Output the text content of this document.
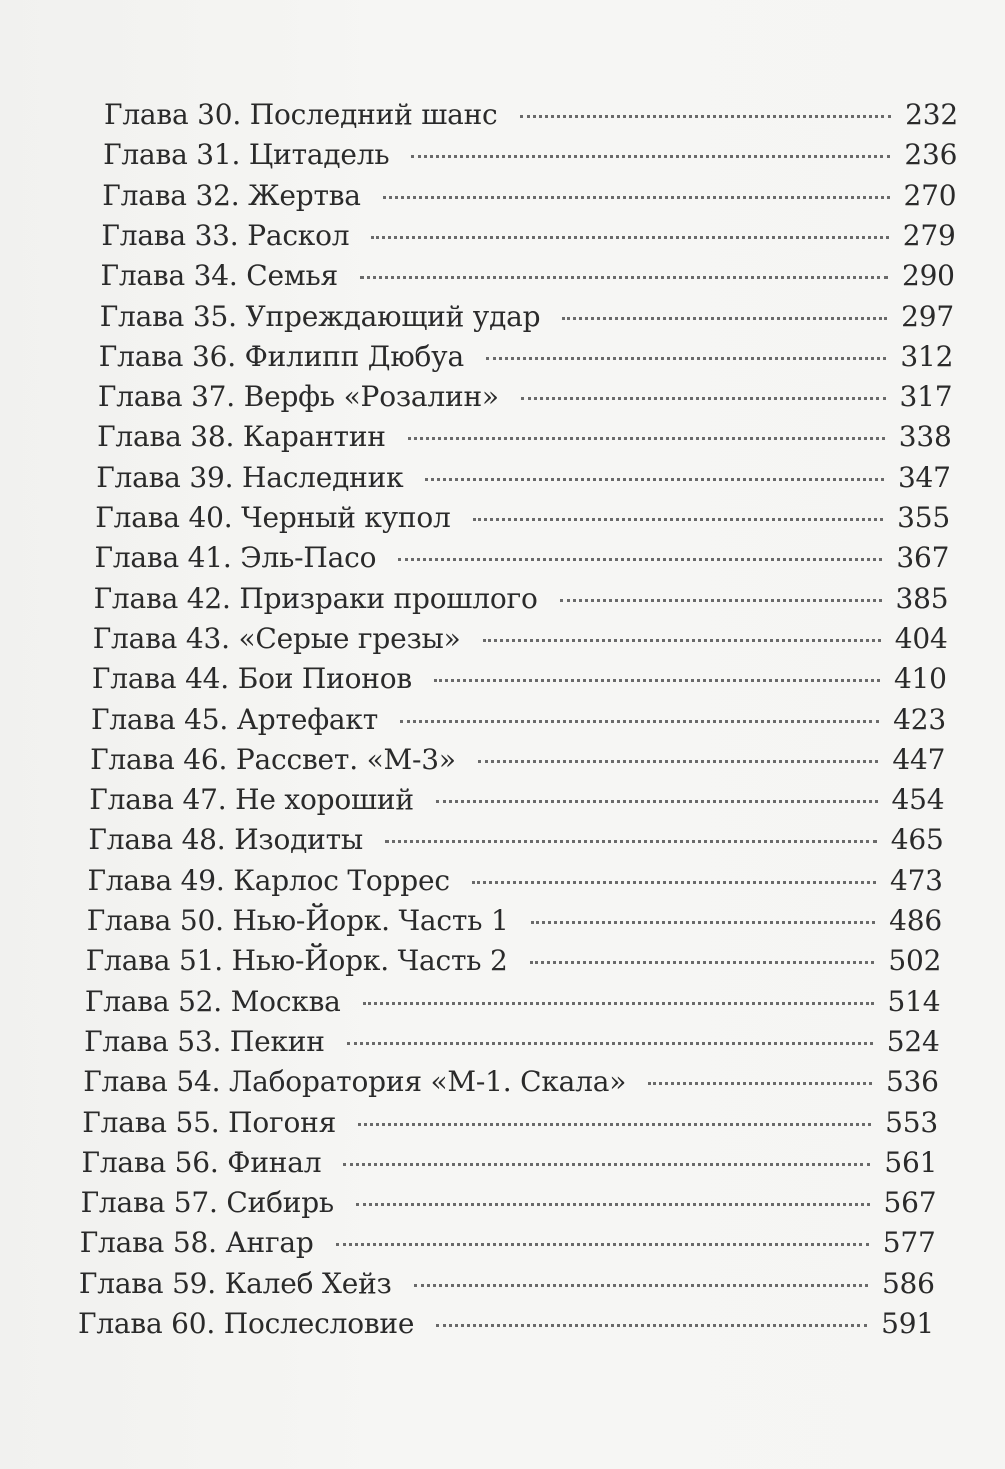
Глава 30. Последний шанс	232
Глава 31. Цитадель	236
Глава 32. Жертва	270
Глава 33. Раскол	279
Глава 34. Семья	290
Глава 35. Упреждающий удар	297
Глава 36. Филипп Дюбуа	312
Глава 37. Верфь «Розалин»	317
Глава 38. Карантин	338
Глава 39. Наследник	347
Глава 40. Черный купол	355
Глава 41. Эль-Пасо	367
Глава 42. Призраки прошлого	385
Глава 43. «Серые грезы»	404
Глава 44. Бои Пионов	410
Глава 45. Артефакт	423
Глава 46. Рассвет. «М-3»	447
Глава 47. Не хороший	454
Глава 48. Изодиты	465
Глава 49. Карлос Торрес	473
Глава 50. Нью-Йорк. Часть 1	486
Глава 51. Нью-Йорк. Часть 2	502
Глава 52. Москва	514
Глава 53. Пекин	524
Глава 54. Лаборатория «М-1. Скала»	536
Глава 55. Погоня	553
Глава 56. Финал	561
Глава 57. Сибирь	567
Глава 58. Ангар	577
Глава 59. Калеб Хейз	586
Глава 60. Послесловие	591
